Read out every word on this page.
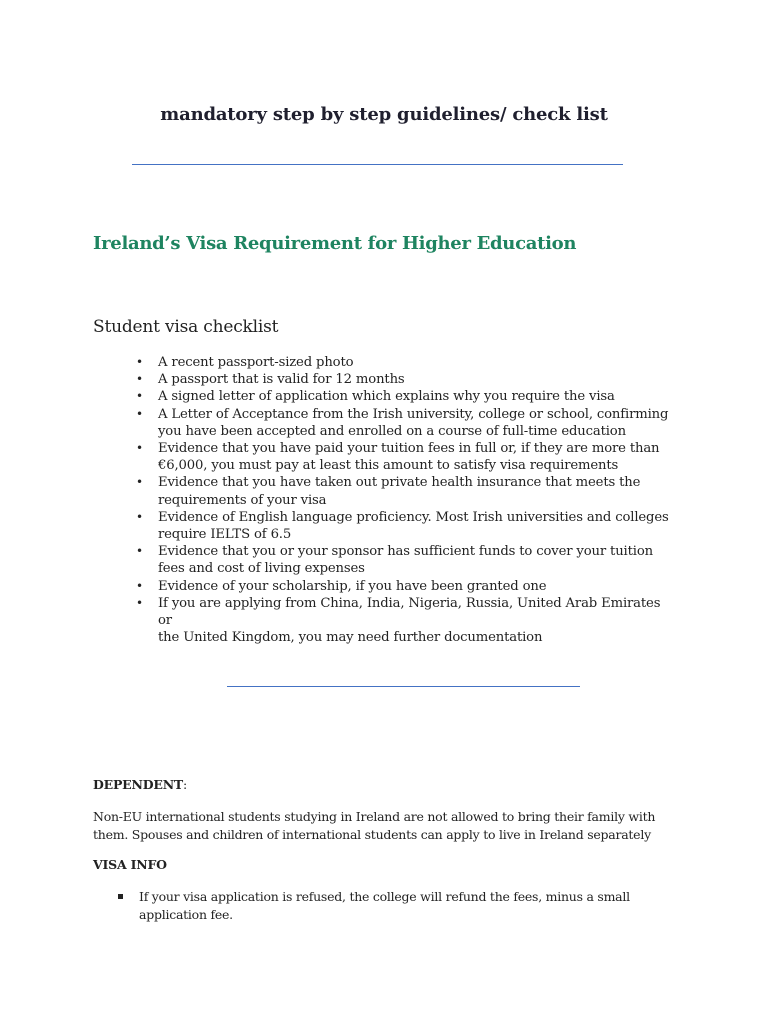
mandatory step by step guidelines/ check list
Ireland’s Visa Requirement for Higher Education
Student visa checklist
• A recent passport-sized photo
• A passport that is valid for 12 months
• A signed letter of application which explains why you require the visa
• A Letter of Acceptance from the Irish university, college or school, confirming
you have been accepted and enrolled on a course of full-time education
• Evidence that you have paid your tuition fees in full or, if they are more than
€6,000, you must pay at least this amount to satisfy visa requirements
• Evidence that you have taken out private health insurance that meets the
requirements of your visa
• Evidence of English language proficiency. Most Irish universities and colleges
require IELTS of 6.5
• Evidence that you or your sponsor has sufficient funds to cover your tuition
fees and cost of living expenses
• Evidence of your scholarship, if you have been granted one
• If you are applying from China, India, Nigeria, Russia, United Arab Emirates or
the United Kingdom, you may need further documentation

DEPENDENT:

Non-EU international students studying in Ireland are not allowed to bring their family with
them. Spouses and children of international students can apply to live in Ireland separately

VISA INFO

If your visa application is refused, the college will refund the fees, minus a small
application fee.
